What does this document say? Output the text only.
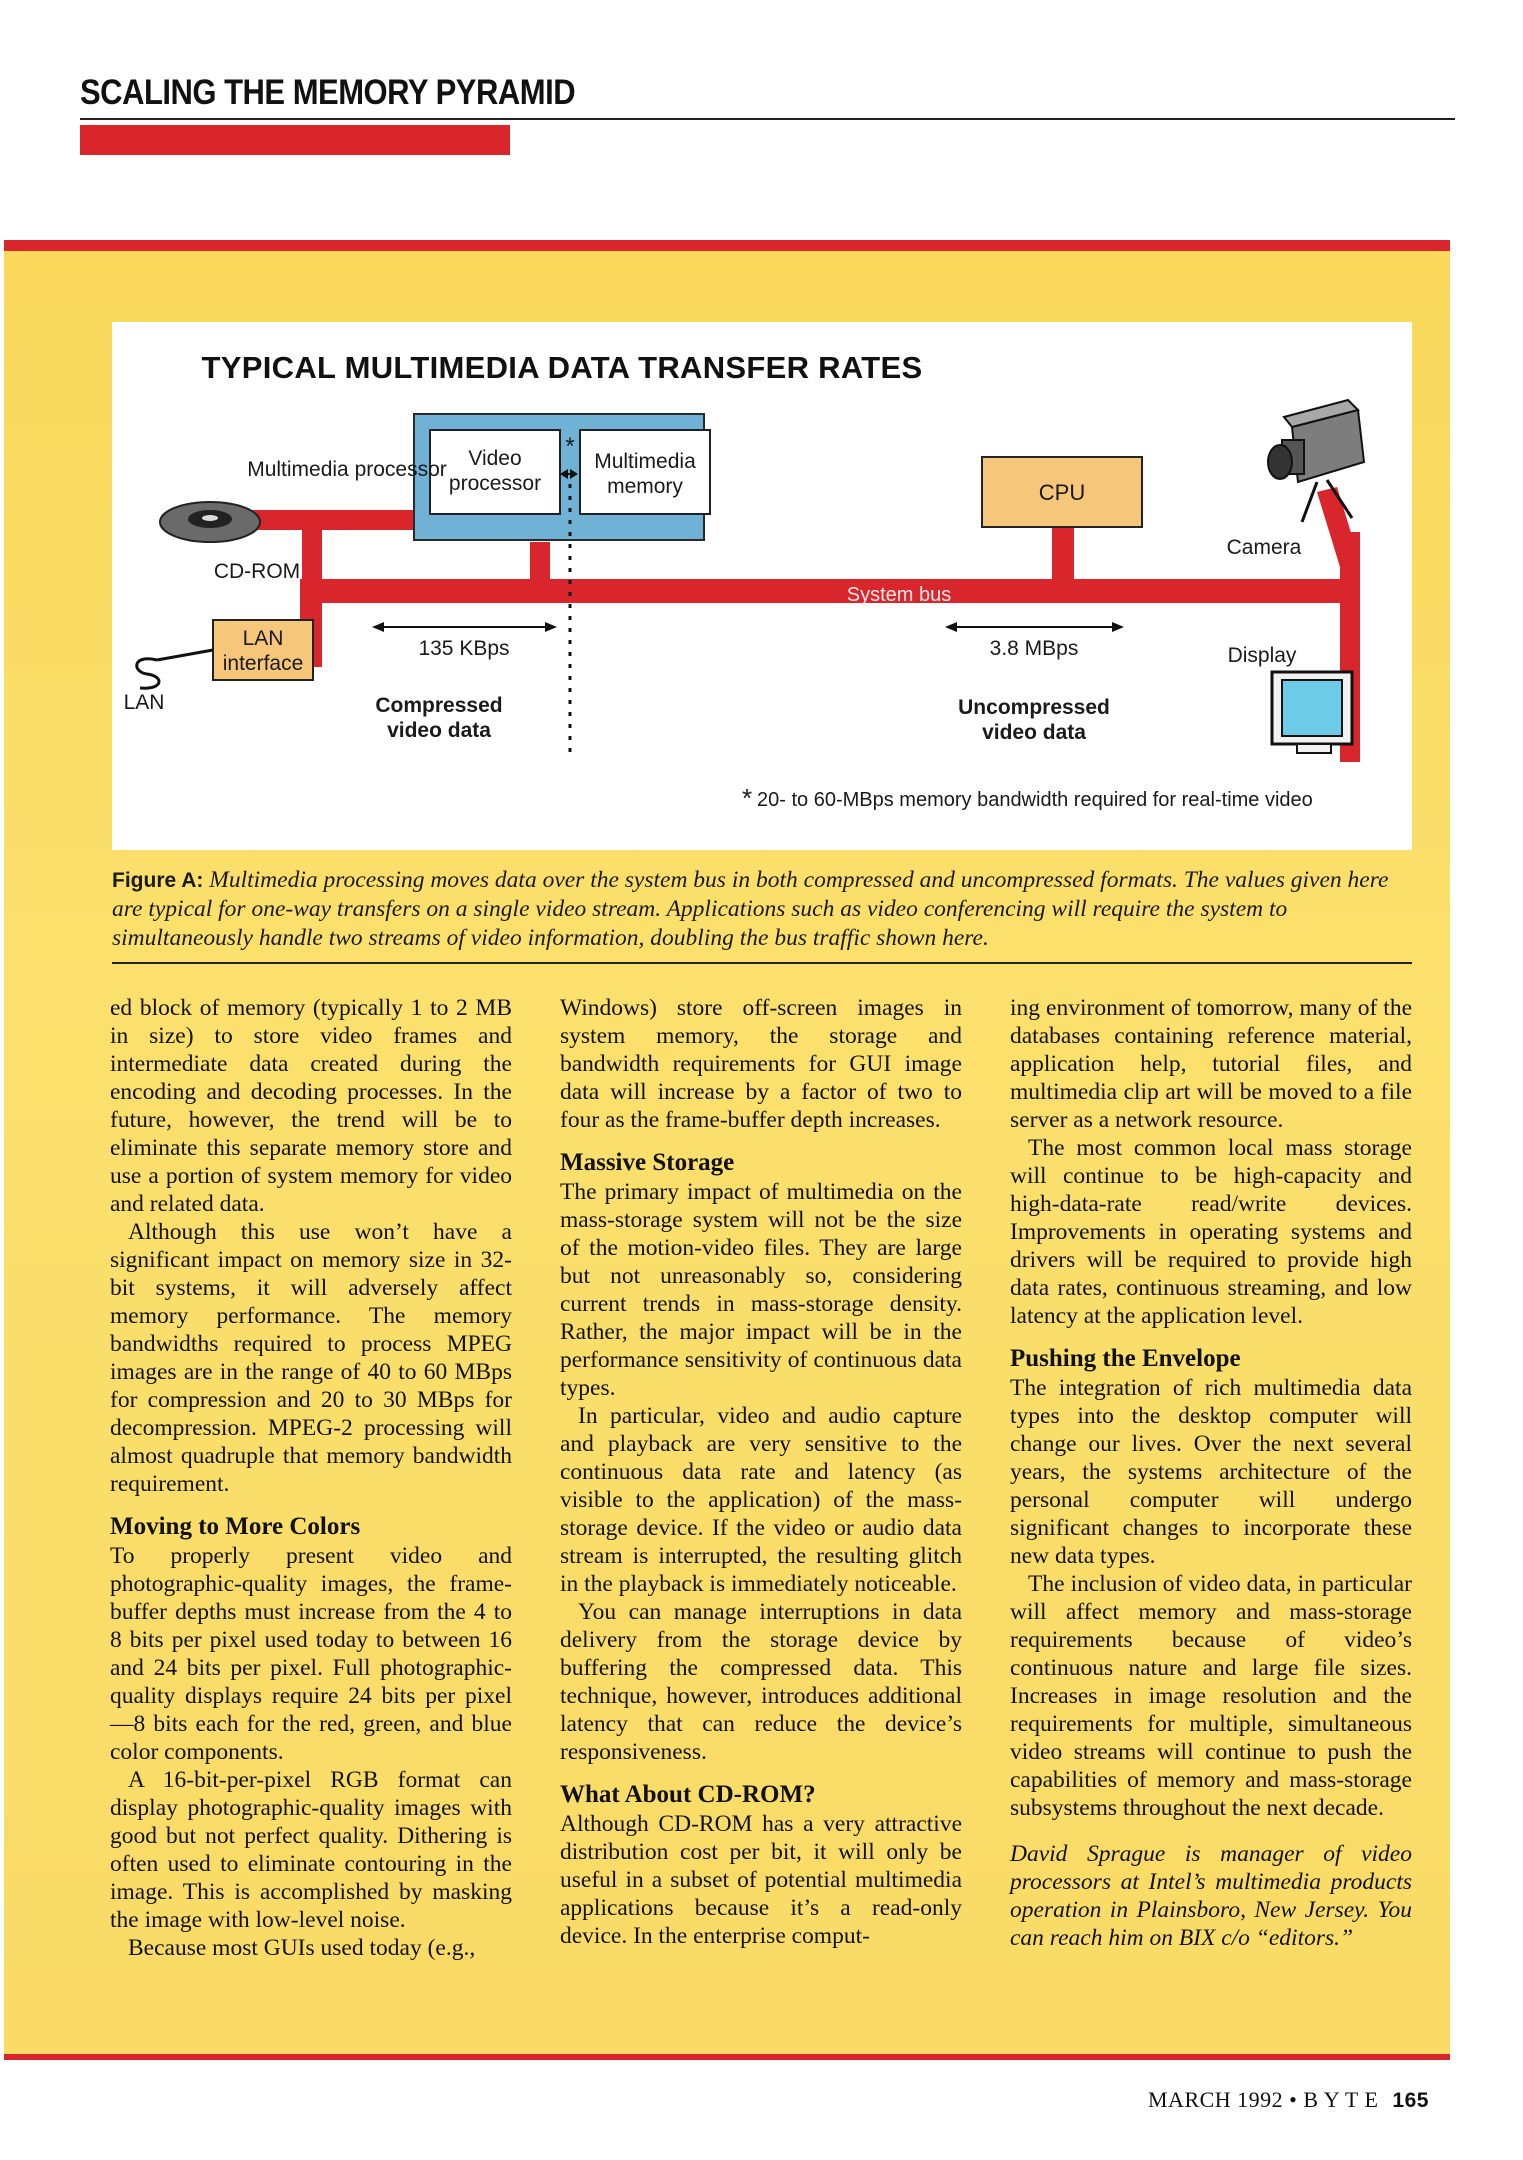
SCALING THE MEMORY PYRAMID
Multimedia processor Video
processor
Multimedia
memory
*
CPU
Camera
CD-ROM
System bus
LAN
interface
LAN
135 KBps	3.8 MBps	Display
Compressed
video data
Uncompressed
video data
* 20- to 60-MBps memory bandwidth required for real-time video
TYPICAL MULTIMEDIA DATA TRANSFER RATES
Figure A: Multimedia processing moves data over the system bus in both compressed and uncompressed formats. The values given here are typical for one-way transfers on a single video stream. Applications such as video conferencing will require the system to simultaneously handle two streams of video information, doubling the bus traffic shown here.

ed block of memory (typically 1 to 2 MB in size) to store video frames and intermediate data created during the encoding and decoding processes. In the future, however, the trend will be to eliminate this separate memory store and use a portion of system memory for video and related data.

Although this use won’t have a significant impact on memory size in 32-bit systems, it will adversely affect memory performance. The memory bandwidths required to process MPEG images are in the range of 40 to 60 MBps for compression and 20 to 30 MBps for decompression. MPEG-2 processing will almost quadruple that memory bandwidth requirement.

Moving to More Colors

To properly present video and photographic-quality images, the frame-buffer depths must increase from the 4 to 8 bits per pixel used today to between 16 and 24 bits per pixel. Full photographic-quality displays require 24 bits per pixel—8 bits each for the red, green, and blue color components.

A 16-bit-per-pixel RGB format can display photographic-quality images with good but not perfect quality. Dithering is often used to eliminate contouring in the image. This is accomplished by masking the image with low-level noise.

Because most GUIs used today (e.g.,

Windows) store off-screen images in system memory, the storage and bandwidth requirements for GUI image data will increase by a factor of two to four as the frame-buffer depth increases.

Massive Storage

The primary impact of multimedia on the mass-storage system will not be the size of the motion-video files. They are large but not unreasonably so, considering current trends in mass-storage density. Rather, the major impact will be in the performance sensitivity of continuous data types.

In particular, video and audio capture and playback are very sensitive to the continuous data rate and latency (as visible to the application) of the mass-storage device. If the video or audio data stream is interrupted, the resulting glitch in the playback is immediately noticeable.

You can manage interruptions in data delivery from the storage device by buffering the compressed data. This technique, however, introduces additional latency that can reduce the device’s responsiveness.

What About CD-ROM?

Although CD-ROM has a very attractive distribution cost per bit, it will only be useful in a subset of potential multimedia applications because it’s a read-only device. In the enterprise comput-

ing environment of tomorrow, many of the databases containing reference material, application help, tutorial files, and multimedia clip art will be moved to a file server as a network resource.

The most common local mass storage will continue to be high-capacity and high-data-rate read/write devices. Improvements in operating systems and drivers will be required to provide high data rates, continuous streaming, and low latency at the application level.

Pushing the Envelope

The integration of rich multimedia data types into the desktop computer will change our lives. Over the next several years, the systems architecture of the personal computer will undergo significant changes to incorporate these new data types.

The inclusion of video data, in particular will affect memory and mass-storage requirements because of video’s continuous nature and large file sizes. Increases in image resolution and the requirements for multiple, simultaneous video streams will continue to push the capabilities of memory and mass-storage subsystems throughout the next decade.

David Sprague is manager of video processors at Intel’s multimedia products operation in Plainsboro, New Jersey. You can reach him on BIX c/o “editors.”

MARCH 1992 • B Y T E 165
